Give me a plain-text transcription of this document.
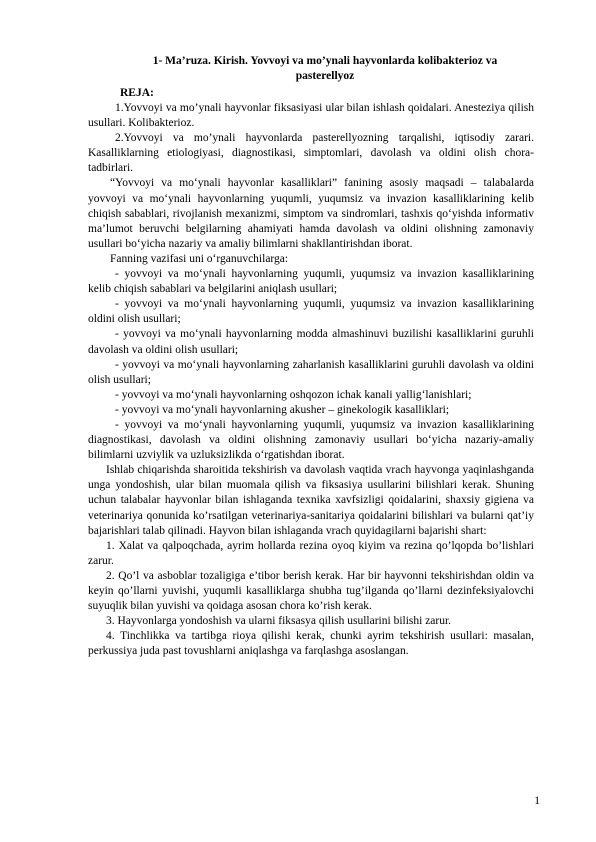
1- Ma’ruza. Kirish. Yovvoyi va mo’ynali hayvonlarda kolibakterioz va

pasterellyoz

REJA:

1.Yovvoyi va mo’ynali hayvonlar fiksasiyasi ular bilan ishlash qoidalari. Anesteziya qilish usullari. Kolibakterioz.

2.Yovvoyi va mo’ynali hayvonlarda pasterellyozning tarqalishi, iqtisodiy zarari. Kasalliklarning etiologiyasi, diagnostikasi, simptomlari, davolash va oldini olish chora-tadbirlari.

“Yovvoyi va mo‘ynali hayvonlar kasalliklari” fanining asosiy maqsadi – talabalarda yovvoyi va mo‘ynali hayvonlarning yuqumli, yuqumsiz va invazion kasalliklarining kelib chiqish sabablari, rivojlanish mexanizmi, simptom va sindromlari, tashxis qo‘yishda informativ ma’lumot beruvchi belgilarning ahamiyati hamda davolash va oldini olishning zamonaviy usullari bo‘yicha nazariy va amaliy bilimlarni shakllantirishdan iborat.

Fanning vazifasi uni o‘rganuvchilarga:

- yovvoyi va mo‘ynali hayvonlarning yuqumli, yuqumsiz va invazion kasalliklarining kelib chiqish sabablari va belgilarini aniqlash usullari;

- yovvoyi va mo‘ynali hayvonlarning yuqumli, yuqumsiz va invazion kasalliklarining oldini olish usullari;

- yovvoyi va mo‘ynali hayvonlarning modda almashinuvi buzilishi kasalliklarini guruhli davolash va oldini olish usullari;

- yovvoyi va mo‘ynali hayvonlarning zaharlanish kasalliklarini guruhli davolash va oldini olish usullari;

- yovvoyi va mo‘ynali hayvonlarning oshqozon ichak kanali yallig‘lanishlari;

- yovvoyi va mo‘ynali hayvonlarning akusher – ginekologik kasalliklari;

- yovvoyi va mo‘ynali hayvonlarning yuqumli, yuqumsiz va invazion kasalliklarining diagnostikasi, davolash va oldini olishning zamonaviy usullari bo‘yicha nazariy-amaliy bilimlarni uzviylik va uzluksizlikda o‘rgatishdan iborat.

Ishlab chiqarishda sharoitida tekshirish va davolash vaqtida vrach hayvonga yaqinlashganda unga yondoshish, ular bilan muomala qilish va fiksasiya usullarini bilishlari kerak. Shuning uchun talabalar hayvonlar bilan ishlaganda texnika xavfsizligi qoidalarini, shaxsiy gigiena va veterinariya qonunida ko’rsatilgan veterinariya-sanitariya qoidalarini bilishlari va bularni qat’iy bajarishlari talab qilinadi. Hayvon bilan ishlaganda vrach quyidagilarni bajarishi shart:

1. Xalat va qalpoqchada, ayrim hollarda rezina oyoq kiyim va rezina qo’lqopda bo’lishlari zarur.

2. Qo’l va asboblar tozaligiga e’tibor berish kerak. Har bir hayvonni tekshirishdan oldin va keyin qo’llarni yuvishi, yuqumli kasalliklarga shubha tug’ilganda qo’llarni dezinfeksiyalovchi suyuqlik bilan yuvishi va qoidaga asosan chora ko’rish kerak.

3. Hayvonlarga yondoshish va ularni fiksasya qilish usullarini bilishi zarur.

4. Tinchlikka va tartibga rioya qilishi kerak, chunki ayrim tekshirish usullari: masalan, perkussiya juda past tovushlarni aniqlashga va farqlashga asoslangan.

1
